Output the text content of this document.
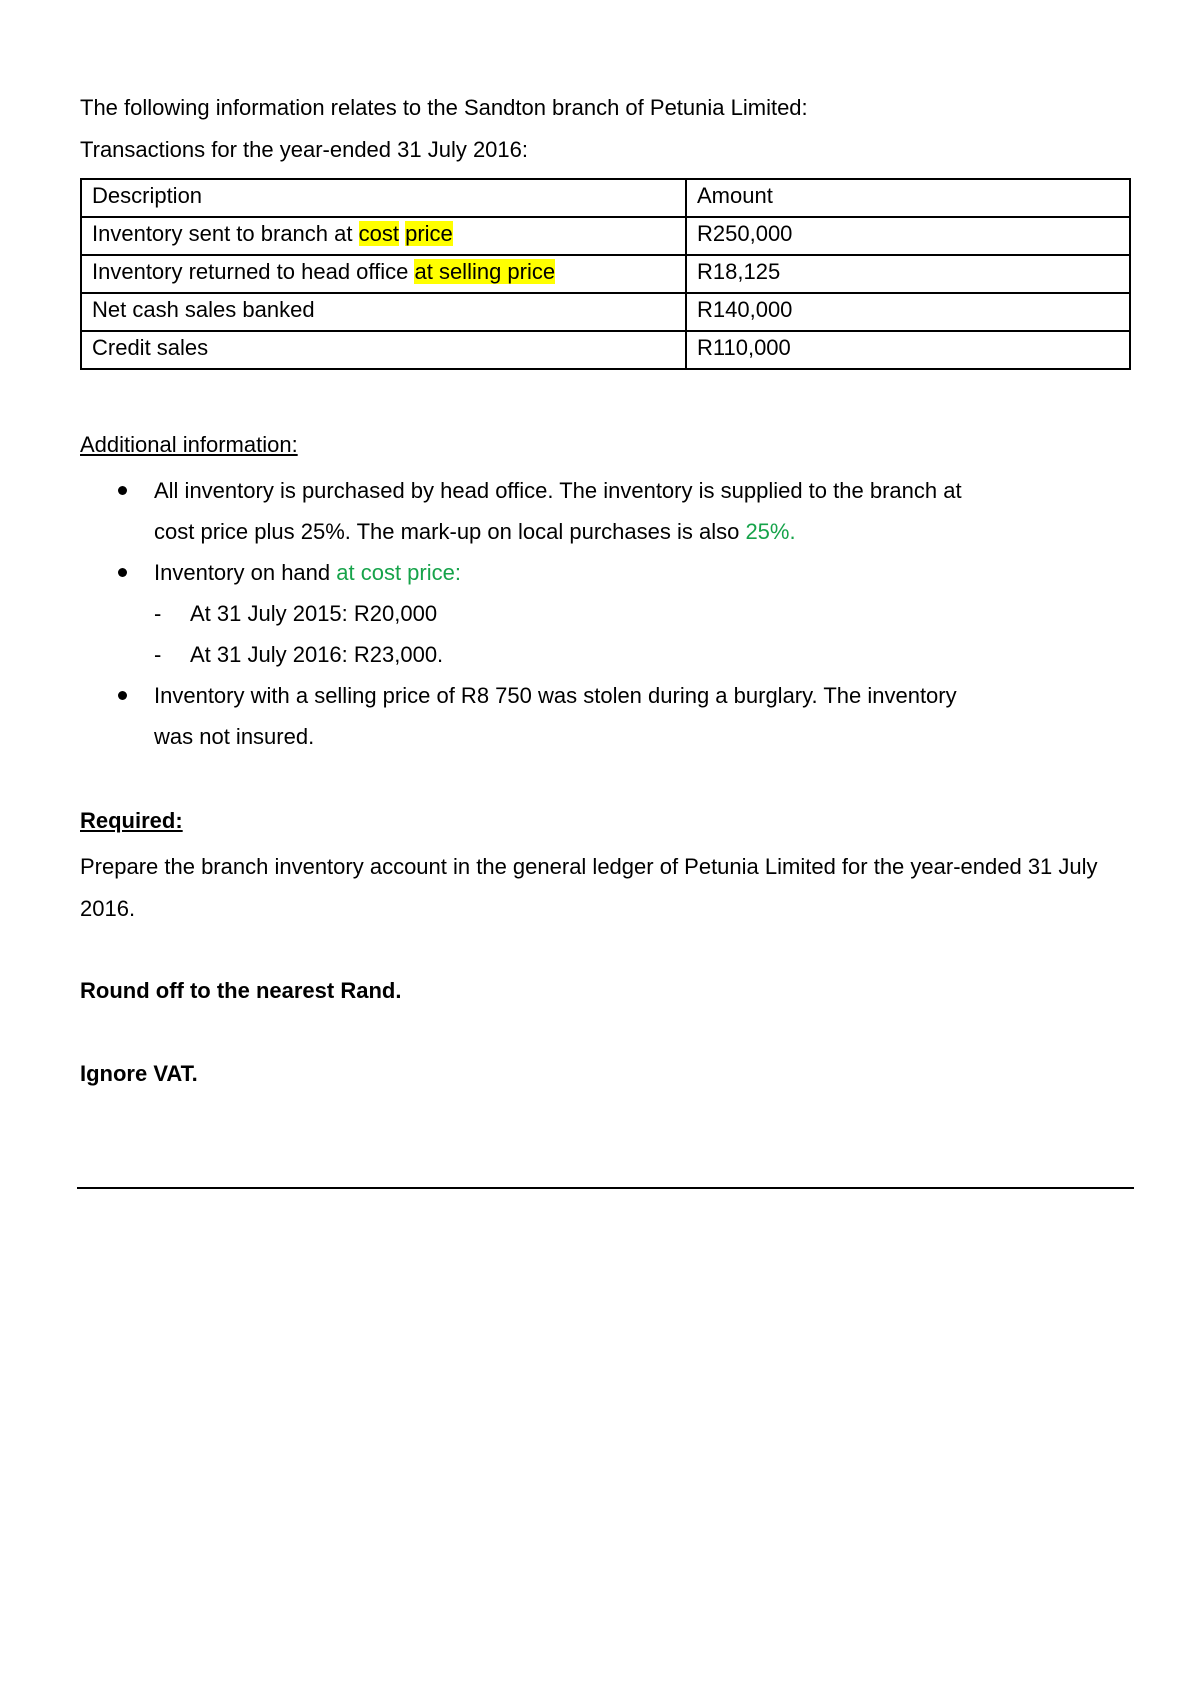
The following information relates to the Sandton branch of Petunia Limited:

Transactions for the year-ended 31 July 2016:

Description	Amount
Inventory sent to branch at cost price	R250,000
Inventory returned to head office at selling price	R18,125
Net cash sales banked	R140,000
Credit sales	R110,000

Additional information:

All inventory is purchased by head office. The inventory is supplied to the branch at
cost price plus 25%. The mark-up on local purchases is also 25%.
Inventory on hand at cost price:
- At 31 July 2015: R20,000
- At 31 July 2016: R23,000.
Inventory with a selling price of R8 750 was stolen during a burglary. The inventory
was not insured.

Required:

Prepare the branch inventory account in the general ledger of Petunia Limited for the year-ended 31 July 2016.

Round off to the nearest Rand.

Ignore VAT.
